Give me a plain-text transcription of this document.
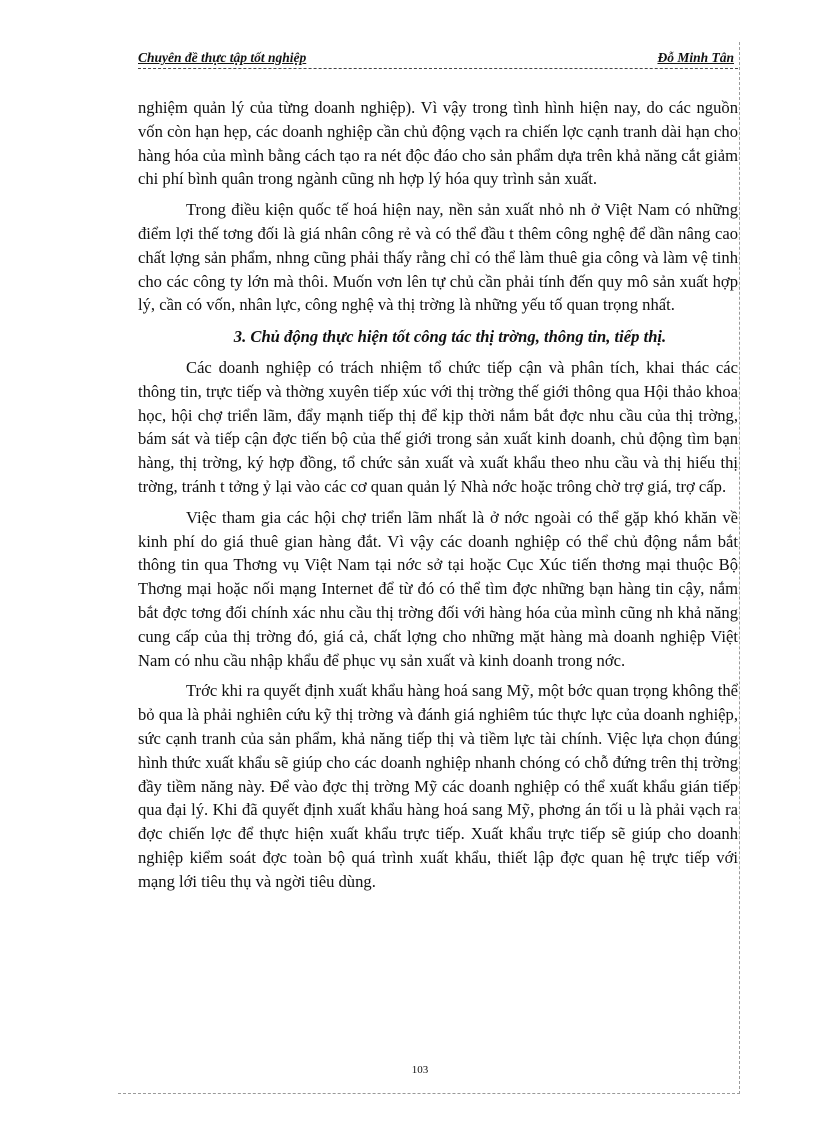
Chuyên đề thực tập tốt nghiệp	Đỗ Minh Tân

nghiệm quản lý của từng doanh nghiệp). Vì vậy trong tình hình hiện nay, do các nguồn vốn còn hạn hẹp, các doanh nghiệp cần chủ động vạch ra chiến lợc cạnh tranh dài hạn cho hàng hóa của mình bằng cách tạo ra nét độc đáo cho sản phẩm dựa trên khả năng cắt giảm chi phí bình quân trong ngành cũng nh hợp lý hóa quy trình sản xuất.

Trong điều kiện quốc tế hoá hiện nay, nền sản xuất nhỏ nh ở Việt Nam có những điểm lợi thế tơng đối là giá nhân công rẻ và có thể đầu t thêm công nghệ để dần nâng cao chất lợng sản phẩm, nhng cũng phải thấy rằng chỉ có thể làm thuê gia công và làm vệ tinh cho các công ty lớn mà thôi. Muốn vơn lên tự chủ cần phải tính đến quy mô sản xuất hợp lý, cần có vốn, nhân lực, công nghệ và thị trờng là những yếu tố quan trọng nhất.

3. Chủ động thực hiện tốt công tác thị trờng, thông tin, tiếp thị.

Các doanh nghiệp có trách nhiệm tổ chức tiếp cận và phân tích, khai thác các thông tin, trực tiếp và thờng xuyên tiếp xúc với thị trờng thế giới thông qua Hội thảo khoa học, hội chợ triển lãm, đẩy mạnh tiếp thị để kịp thời nắm bắt đợc nhu cầu của thị trờng, bám sát và tiếp cận đợc tiến bộ của thế giới trong sản xuất kinh doanh, chủ động tìm bạn hàng, thị trờng, ký hợp đồng, tổ chức sản xuất và xuất khẩu theo nhu cầu và thị hiếu thị trờng, tránh t tởng ỷ lại vào các cơ quan quản lý Nhà nớc hoặc trông chờ trợ giá, trợ cấp.

Việc tham gia các hội chợ triển lãm nhất là ở nớc ngoài có thể gặp khó khăn về kinh phí do giá thuê gian hàng đắt. Vì vậy các doanh nghiệp có thể chủ động nắm bắt thông tin qua Thơng vụ Việt Nam tại nớc sở tại hoặc Cục Xúc tiến thơng mại thuộc Bộ Thơng mại hoặc nối mạng Internet để từ đó có thể tìm đợc những bạn hàng tin cậy, nắm bắt đợc tơng đối chính xác nhu cầu thị trờng đối với hàng hóa của mình cũng nh khả năng cung cấp của thị trờng đó, giá cả, chất lợng cho những mặt hàng mà doanh nghiệp Việt Nam có nhu cầu nhập khẩu để phục vụ sản xuất và kinh doanh trong nớc.

Trớc khi ra quyết định xuất khẩu hàng hoá sang Mỹ, một bớc quan trọng không thể bỏ qua là phải nghiên cứu kỹ thị trờng và đánh giá nghiêm túc thực lực của doanh nghiệp, sức cạnh tranh của sản phẩm, khả năng tiếp thị và tiềm lực tài chính. Việc lựa chọn đúng hình thức xuất khẩu sẽ giúp cho các doanh nghiệp nhanh chóng có chỗ đứng trên thị trờng đầy tiềm năng này. Để vào đợc thị trờng Mỹ các doanh nghiệp có thể xuất khẩu gián tiếp qua đại lý. Khi đã quyết định xuất khẩu hàng hoá sang Mỹ, phơng án tối u là phải vạch ra đợc chiến lợc để thực hiện xuất khẩu trực tiếp. Xuất khẩu trực tiếp sẽ giúp cho doanh nghiệp kiểm soát đợc toàn bộ quá trình xuất khẩu, thiết lập đợc quan hệ trực tiếp với mạng lới tiêu thụ và ngời tiêu dùng.

103
